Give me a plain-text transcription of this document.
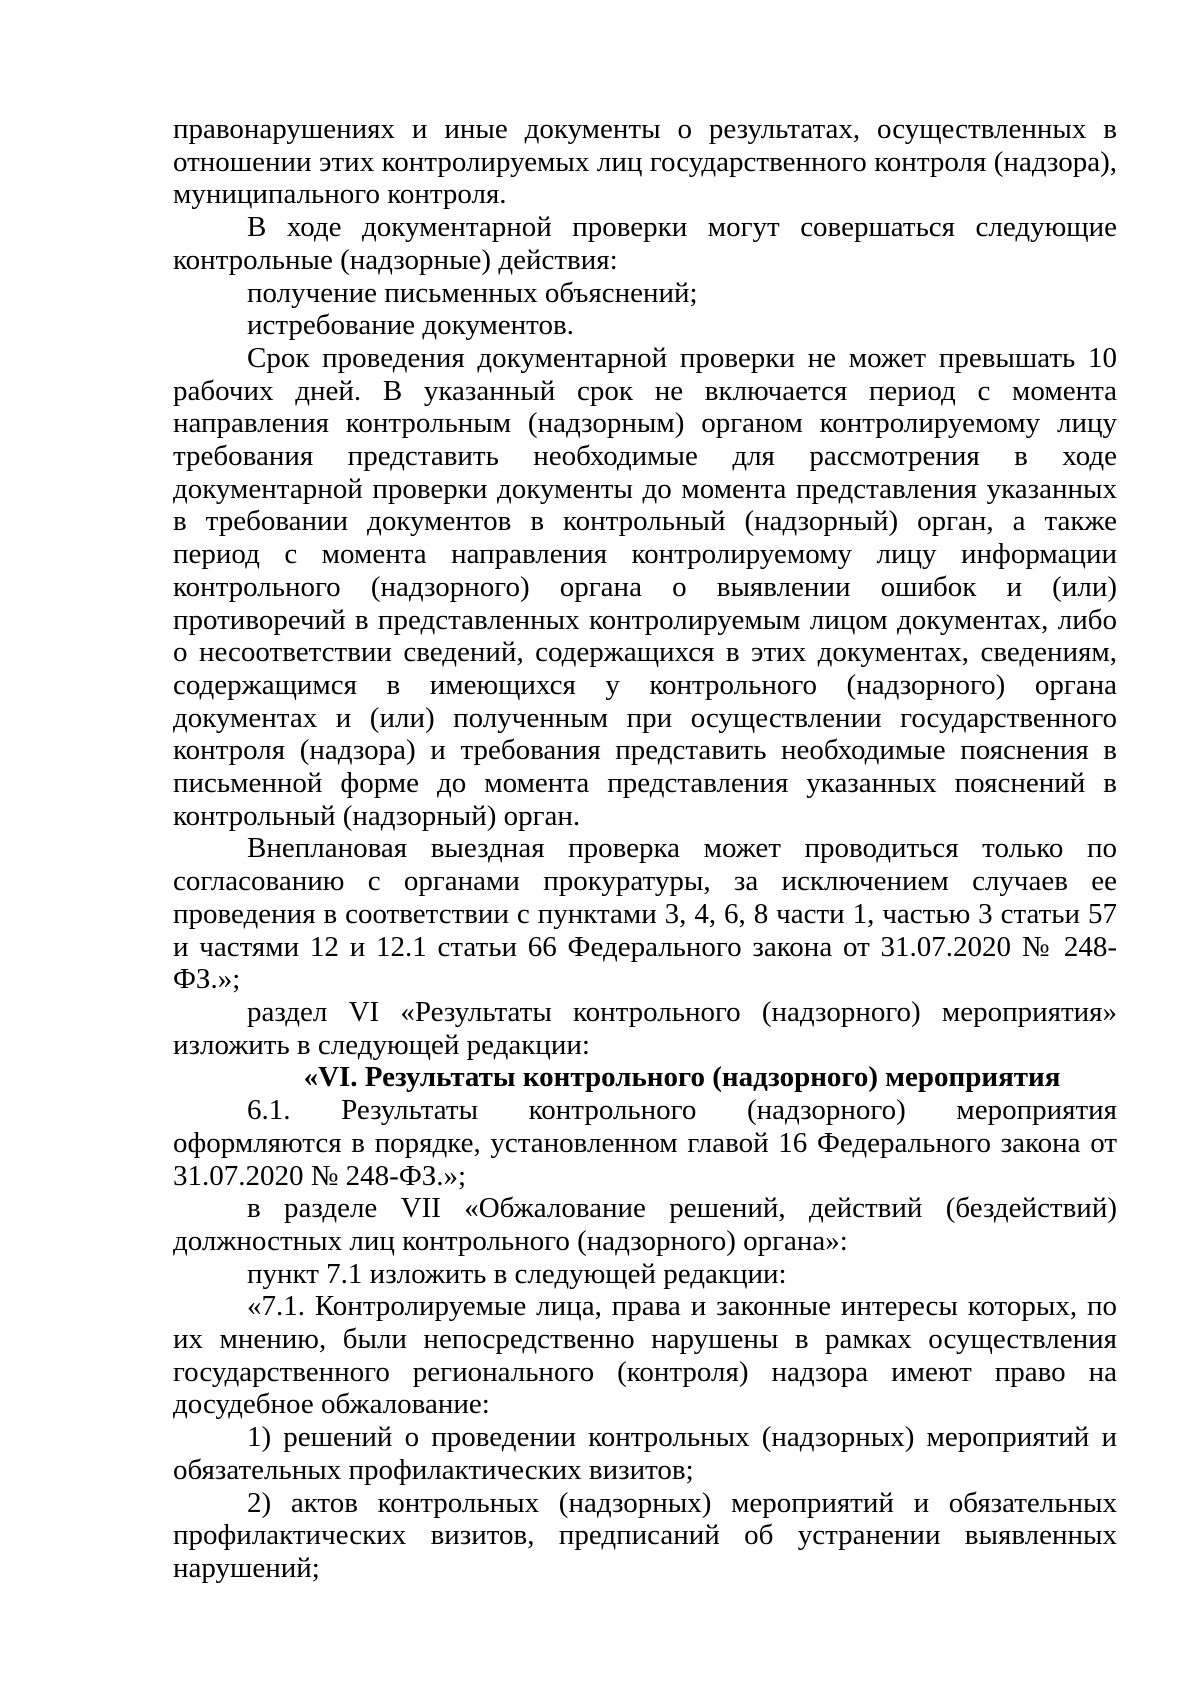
правонарушениях и иные документы о результатах, осуществленных в отношении этих контролируемых лиц государственного контроля (надзора), муниципального контроля.

В ходе документарной проверки могут совершаться следующие контрольные (надзорные) действия:

получение письменных объяснений;

истребование документов.

Срок проведения документарной проверки не может превышать 10 рабочих дней. В указанный срок не включается период с момента направления контрольным (надзорным) органом контролируемому лицу требования представить необходимые для рассмотрения в ходе документарной проверки документы до момента представления указанных в требовании документов в контрольный (надзорный) орган, а также период с момента направления контролируемому лицу информации контрольного (надзорного) органа о выявлении ошибок и (или) противоречий в представленных контролируемым лицом документах, либо о несоответствии сведений, содержащихся в этих документах, сведениям, содержащимся в имеющихся у контрольного (надзорного) органа документах и (или) полученным при осуществлении государственного контроля (надзора) и требования представить необходимые пояснения в письменной форме до момента представления указанных пояснений в контрольный (надзорный) орган.

Внеплановая выездная проверка может проводиться только по согласованию с органами прокуратуры, за исключением случаев ее проведения в соответствии с пунктами 3, 4, 6, 8 части 1, частью 3 статьи 57 и частями 12 и 12.1 статьи 66 Федерального закона от 31.07.2020 № 248-ФЗ.»;

раздел VI «Результаты контрольного (надзорного) мероприятия» изложить в следующей редакции:

«VI. Результаты контрольного (надзорного) мероприятия

6.1. Результаты контрольного (надзорного) мероприятия оформляются в порядке, установленном главой 16 Федерального закона от 31.07.2020 № 248-ФЗ.»;

в разделе VII «Обжалование решений, действий (бездействий) должностных лиц контрольного (надзорного) органа»:

пункт 7.1 изложить в следующей редакции:

«7.1. Контролируемые лица, права и законные интересы которых, по их мнению, были непосредственно нарушены в рамках осуществления государственного регионального (контроля) надзора имеют право на досудебное обжалование:

1) решений о проведении контрольных (надзорных) мероприятий и обязательных профилактических визитов;

2) актов контрольных (надзорных) мероприятий и обязательных профилактических визитов, предписаний об устранении выявленных нарушений;
